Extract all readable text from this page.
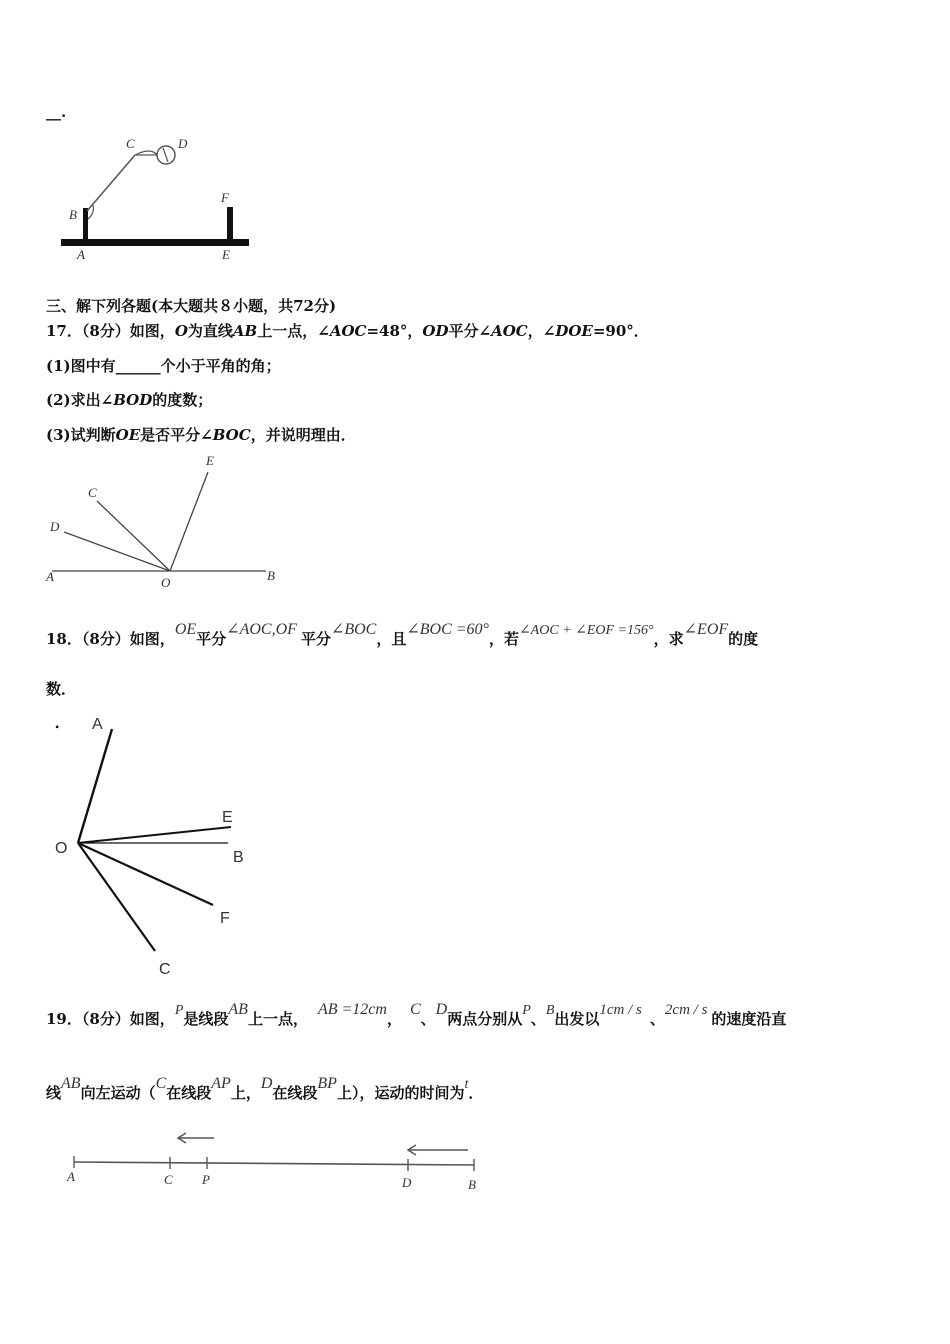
__.
C	D
B
F
A	E
三、解下列各题(本大题共８小题，共72分)
17．（8分）如图， O 为直线 AB 上一点， ∠AOC =48°， OD 平分 ∠AOC ， ∠DOE =90°．
(1)图中有______个小于平角的角；
(2)求出 ∠BOD 的度数；
(3)试判断 OE 是否平分 ∠BOC ，并说明理由．
E
C
D
A	O	B
18．（8分）如图，
OE
平分
∠AOC,OF
平分
∠BOC
，且
∠BOC =60°
，若 ∠AOC + ∠EOF =156° ，求
∠EOF
的度
数．
• A
E
O
B
F
C
19．（8分）如图， P 是线段
AB
上一点，
AB =12cm
，
C
、
D
两点分别从 P 、 B 出发以 1cm / s 、 2cm / s 的速度沿直
线
AB
向左运动（
C
在线段
AP
上，
D
在线段
BP
上），运动的时间为 t ．
A	C P	D	B
